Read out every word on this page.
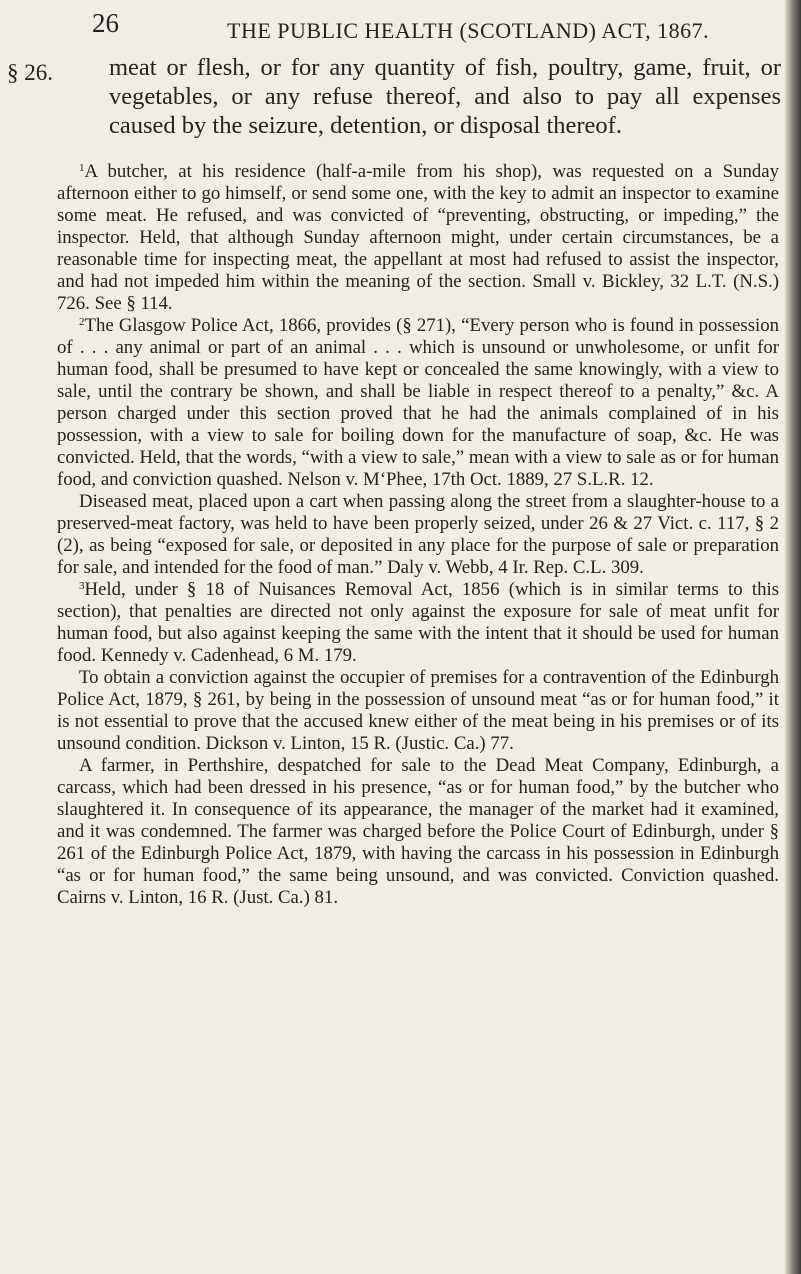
26	THE PUBLIC HEALTH (SCOTLAND) ACT, 1867.
§ 26. meat or flesh, or for any quantity of fish, poultry, game, fruit, or vegetables, or any refuse thereof, and also to pay all expenses caused by the seizure, detention, or disposal thereof.

$^1$A butcher, at his residence (half-a-mile from his shop), was requested on a Sunday afternoon either to go himself, or send some one, with the key to admit an inspector to examine some meat. He refused, and was convicted of “preventing, obstructing, or impeding,” the inspector. Held, that although Sunday afternoon might, under certain circumstances, be a reasonable time for inspecting meat, the appellant at most had refused to assist the inspector, and had not impeded him within the meaning of the section. Small v. Bickley, 32 L.T. (N.S.) 726. See § 114.

$^2$The Glasgow Police Act, 1866, provides (§ 271), “Every person who is found in possession of . . . any animal or part of an animal . . . which is unsound or unwholesome, or unfit for human food, shall be presumed to have kept or concealed the same knowingly, with a view to sale, until the contrary be shown, and shall be liable in respect thereof to a penalty,” &c. A person charged under this section proved that he had the animals complained of in his possession, with a view to sale for boiling down for the manufacture of soap, &c. He was convicted. Held, that the words, “with a view to sale,” mean with a view to sale as or for human food, and conviction quashed. Nelson v. M‘Phee, 17th Oct. 1889, 27 S.L.R. 12.

Diseased meat, placed upon a cart when passing along the street from a slaughter-house to a preserved-meat factory, was held to have been properly seized, under 26 & 27 Vict. c. 117, § 2 (2), as being “exposed for sale, or deposited in any place for the purpose of sale or preparation for sale, and intended for the food of man.” Daly v. Webb, 4 Ir. Rep. C.L. 309.

$^3$Held, under § 18 of Nuisances Removal Act, 1856 (which is in similar terms to this section), that penalties are directed not only against the exposure for sale of meat unfit for human food, but also against keeping the same with the intent that it should be used for human food. Kennedy v. Cadenhead, 6 M. 179.

To obtain a conviction against the occupier of premises for a contravention of the Edinburgh Police Act, 1879, § 261, by being in the possession of unsound meat “as or for human food,” it is not essential to prove that the accused knew either of the meat being in his premises or of its unsound condition. Dickson v. Linton, 15 R. (Justic. Ca.) 77.

A farmer, in Perthshire, despatched for sale to the Dead Meat Company, Edinburgh, a carcass, which had been dressed in his presence, “as or for human food,” by the butcher who slaughtered it. In consequence of its appearance, the manager of the market had it examined, and it was condemned. The farmer was charged before the Police Court of Edinburgh, under § 261 of the Edinburgh Police Act, 1879, with having the carcass in his possession in Edinburgh “as or for human food,” the same being unsound, and was convicted. Conviction quashed. Cairns v. Linton, 16 R. (Just. Ca.) 81.
